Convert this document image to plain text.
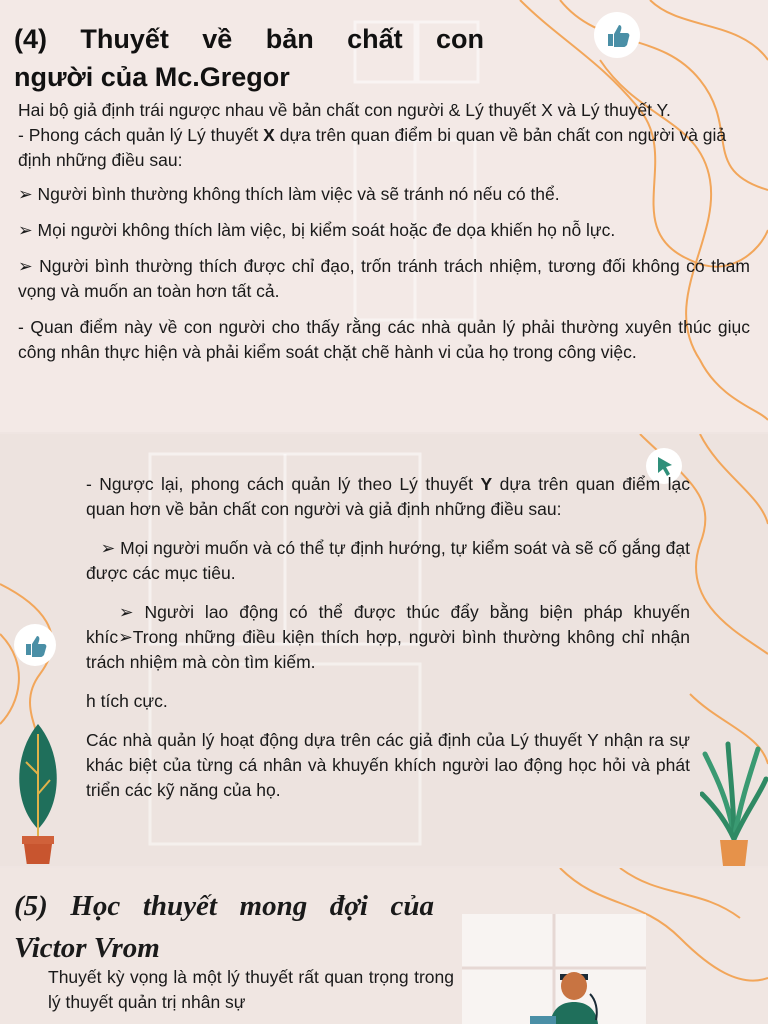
(4) Thuyết về bản chất con
người của Mc.Gregor

Hai bộ giả định trái ngược nhau về bản chất con người & Lý thuyết X và Lý thuyết Y.

- Phong cách quản lý Lý thuyết X dựa trên quan điểm bi quan về bản chất con người và giả định những điều sau:

➢ Người bình thường không thích làm việc và sẽ tránh nó nếu có thể.

➢ Mọi người không thích làm việc, bị kiểm soát hoặc đe dọa khiến họ nỗ lực.

➢ Người bình thường thích được chỉ đạo, trốn tránh trách nhiệm, tương đối không có tham vọng và muốn an toàn hơn tất cả.

- Quan điểm này về con người cho thấy rằng các nhà quản lý phải thường xuyên thúc giục công nhân thực hiện và phải kiểm soát chặt chẽ hành vi của họ trong công việc.

- Ngược lại, phong cách quản lý theo Lý thuyết Y dựa trên quan điểm lạc quan hơn về bản chất con người và giả định những điều sau:

➢ Mọi người muốn và có thể tự định hướng, tự kiểm soát và sẽ cố gắng đạt được các mục tiêu.

➢ Người lao động có thể được thúc đẩy bằng biện pháp khuyến khíc➢Trong những điều kiện thích hợp, người bình thường không chỉ nhận trách nhiệm mà còn tìm kiếm.

h tích cực.

Các nhà quản lý hoạt động dựa trên các giả định của Lý thuyết Y nhận ra sự khác biệt của từng cá nhân và khuyến khích người lao động học hỏi và phát triển các kỹ năng của họ.

(5) Học thuyết mong đợi của
Victor Vrom

Thuyết kỳ vọng là một lý thuyết rất quan trọng trong lý thuyết quản trị nhân sự
